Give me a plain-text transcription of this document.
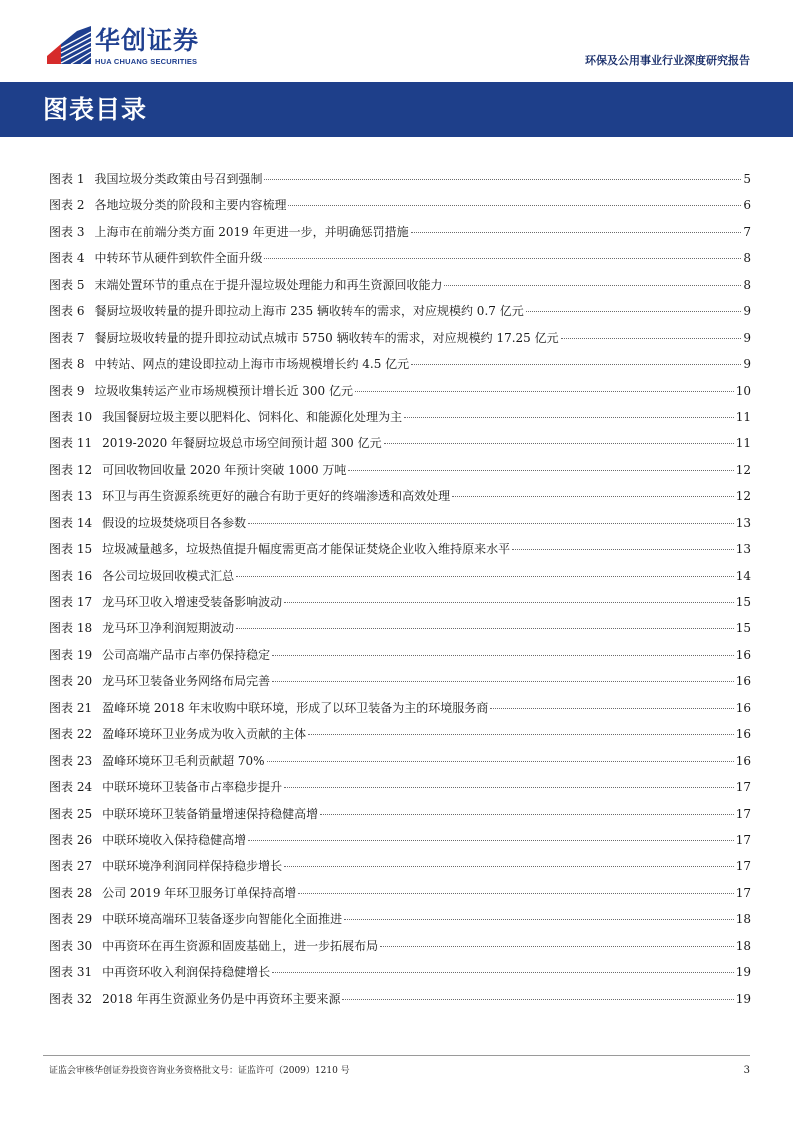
华创证券
HUA CHUANG SECURITIES	环保及公用事业行业深度研究报告
图表目录
图表 1 我国垃圾分类政策由号召到强制	5
图表 2 各地垃圾分类的阶段和主要内容梳理	6
图表 3 上海市在前端分类方面 2019 年更进一步，并明确惩罚措施	7
图表 4 中转环节从硬件到软件全面升级	8
图表 5 末端处置环节的重点在于提升湿垃圾处理能力和再生资源回收能力	8
图表 6 餐厨垃圾收转量的提升即拉动上海市 235 辆收转车的需求，对应规模约 0.7 亿元	9
图表 7 餐厨垃圾收转量的提升即拉动试点城市 5750 辆收转车的需求，对应规模约 17.25 亿元	9
图表 8 中转站、网点的建设即拉动上海市市场规模增长约 4.5 亿元	9
图表 9 垃圾收集转运产业市场规模预计增长近 300 亿元	10
图表 10 我国餐厨垃圾主要以肥料化、饲料化、和能源化处理为主	11
图表 11 2019-2020 年餐厨垃圾总市场空间预计超 300 亿元	11
图表 12 可回收物回收量 2020 年预计突破 1000 万吨	12
图表 13 环卫与再生资源系统更好的融合有助于更好的终端渗透和高效处理	12
图表 14 假设的垃圾焚烧项目各参数	13
图表 15 垃圾减量越多，垃圾热值提升幅度需更高才能保证焚烧企业收入维持原来水平	13
图表 16 各公司垃圾回收模式汇总	14
图表 17 龙马环卫收入增速受装备影响波动	15
图表 18 龙马环卫净利润短期波动	15
图表 19 公司高端产品市占率仍保持稳定	16
图表 20 龙马环卫装备业务网络布局完善	16
图表 21 盈峰环境 2018 年末收购中联环境，形成了以环卫装备为主的环境服务商	16
图表 22 盈峰环境环卫业务成为收入贡献的主体	16
图表 23 盈峰环境环卫毛利贡献超 70%	16
图表 24 中联环境环卫装备市占率稳步提升	17
图表 25 中联环境环卫装备销量增速保持稳健高增	17
图表 26 中联环境收入保持稳健高增	17
图表 27 中联环境净利润同样保持稳步增长	17
图表 28 公司 2019 年环卫服务订单保持高增	17
图表 29 中联环境高端环卫装备逐步向智能化全面推进	18
图表 30 中再资环在再生资源和固废基础上，进一步拓展布局	18
图表 31 中再资环收入利润保持稳健增长	19
图表 32 2018 年再生资源业务仍是中再资环主要来源	19
证监会审核华创证券投资咨询业务资格批文号：证监许可（2009）1210 号	3
